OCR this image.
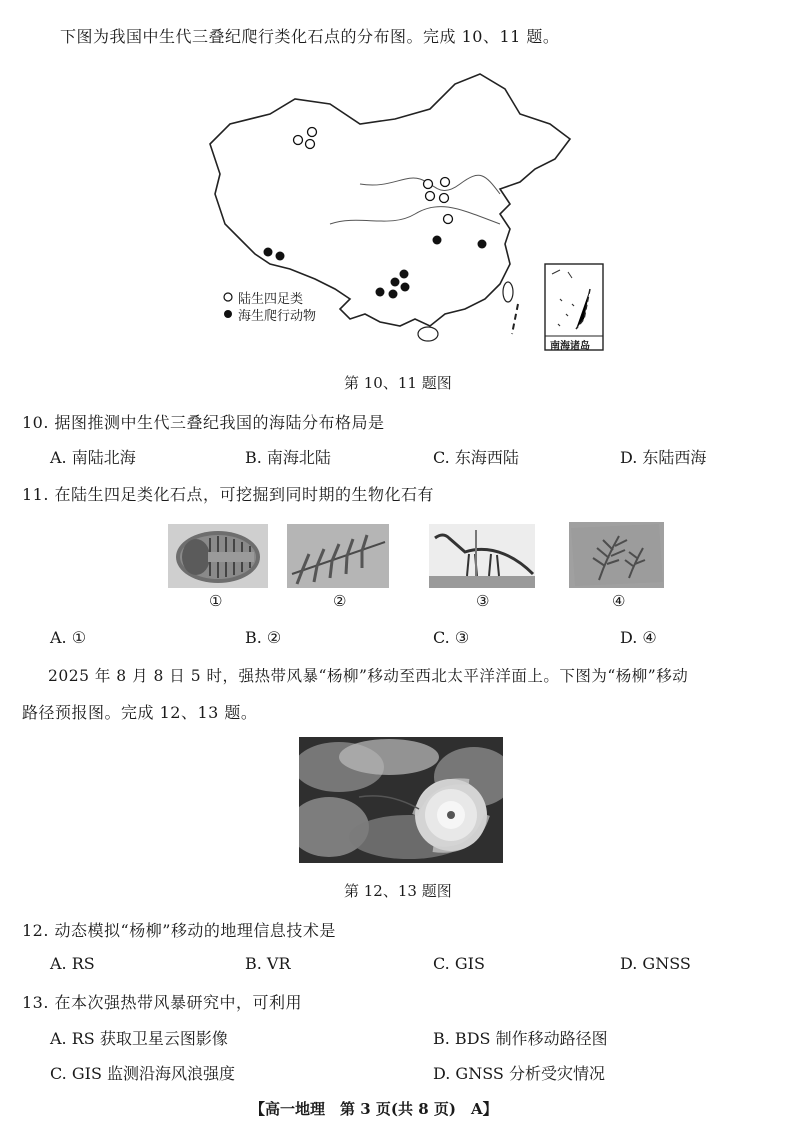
下图为我国中生代三叠纪爬行类化石点的分布图。完成 10、11 题。
陆生四足类
海生爬行动物
南海诸岛
第 10、11 题图
10. 据图推测中生代三叠纪我国的海陆分布格局是
A. 南陆北海	B. 南海北陆	C. 东海西陆	D. 东陆西海
11. 在陆生四足类化石点，可挖掘到同时期的生物化石有
①	②	③	④
A. ①	B. ②	C. ③	D. ④
2025 年 8 月 8 日 5 时，强热带风暴“杨柳”移动至西北太平洋洋面上。下图为“杨柳”移动
路径预报图。完成 12、13 题。
第 12、13 题图
12. 动态模拟“杨柳”移动的地理信息技术是
A. RS	B. VR	C. GIS	D. GNSS
13. 在本次强热带风暴研究中，可利用
A. RS 获取卫星云图影像	B. BDS 制作移动路径图
C. GIS 监测沿海风浪强度	D. GNSS 分析受灾情况
【高一地理　第 3 页(共 8 页)　A】
